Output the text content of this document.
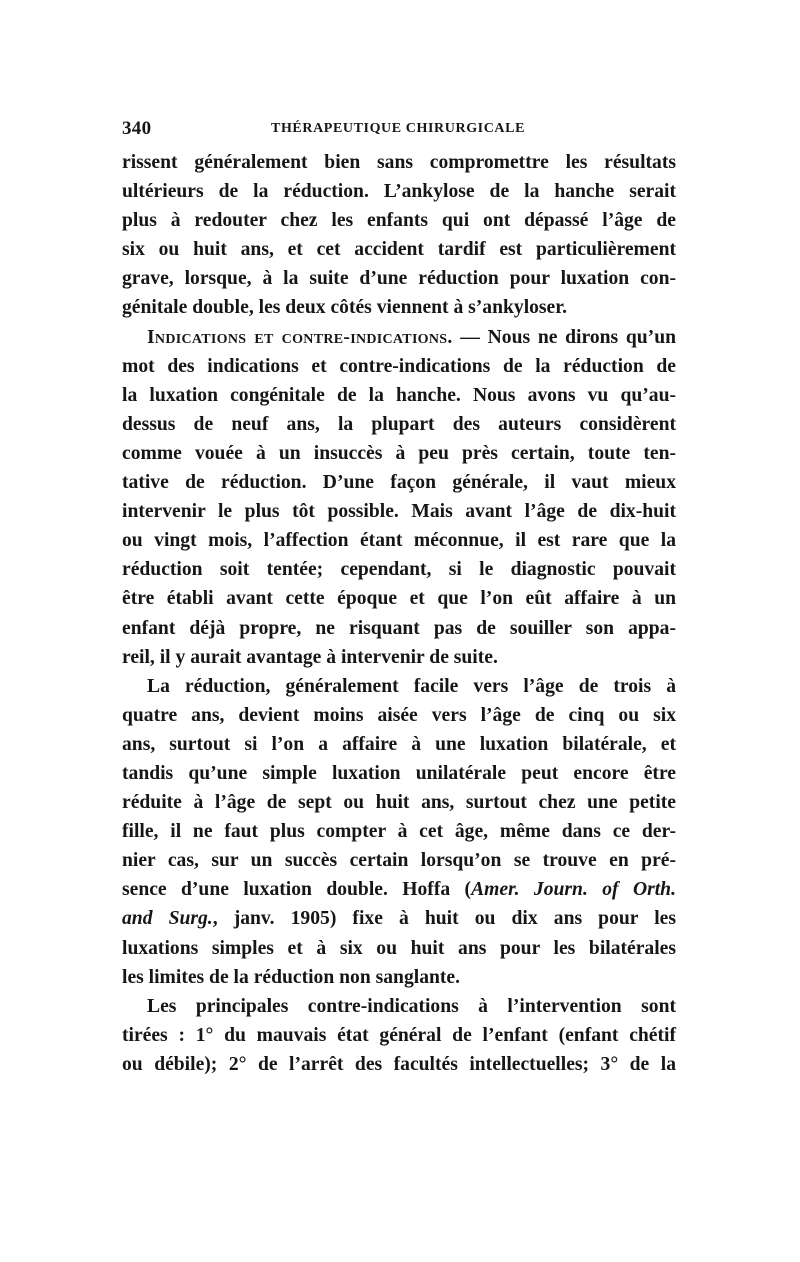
340	THÉRAPEUTIQUE CHIRURGICALE
rissent généralement bien sans compromettre les résultats
ultérieurs de la réduction. L’ankylose de la hanche serait
plus à redouter chez les enfants qui ont dépassé l’âge de
six ou huit ans, et cet accident tardif est particulièrement
grave, lorsque, à la suite d’une réduction pour luxation con-
génitale double, les deux côtés viennent à s’ankyloser.
Indications et contre-indications. — Nous ne dirons qu’un
mot des indications et contre-indications de la réduction de
la luxation congénitale de la hanche. Nous avons vu qu’au-
dessus de neuf ans, la plupart des auteurs considèrent
comme vouée à un insuccès à peu près certain, toute ten-
tative de réduction. D’une façon générale, il vaut mieux
intervenir le plus tôt possible. Mais avant l’âge de dix-huit
ou vingt mois, l’affection étant méconnue, il est rare que la
réduction soit tentée; cependant, si le diagnostic pouvait
être établi avant cette époque et que l’on eût affaire à un
enfant déjà propre, ne risquant pas de souiller son appa-
reil, il y aurait avantage à intervenir de suite.
La réduction, généralement facile vers l’âge de trois à
quatre ans, devient moins aisée vers l’âge de cinq ou six
ans, surtout si l’on a affaire à une luxation bilatérale, et
tandis qu’une simple luxation unilatérale peut encore être
réduite à l’âge de sept ou huit ans, surtout chez une petite
fille, il ne faut plus compter à cet âge, même dans ce der-
nier cas, sur un succès certain lorsqu’on se trouve en pré-
sence d’une luxation double. Hoffa (Amer. Journ. of Orth.
and Surg., janv. 1905) fixe à huit ou dix ans pour les
luxations simples et à six ou huit ans pour les bilatérales
les limites de la réduction non sanglante.
Les principales contre-indications à l’intervention sont
tirées : 1° du mauvais état général de l’enfant (enfant chétif
ou débile); 2° de l’arrêt des facultés intellectuelles; 3° de la
